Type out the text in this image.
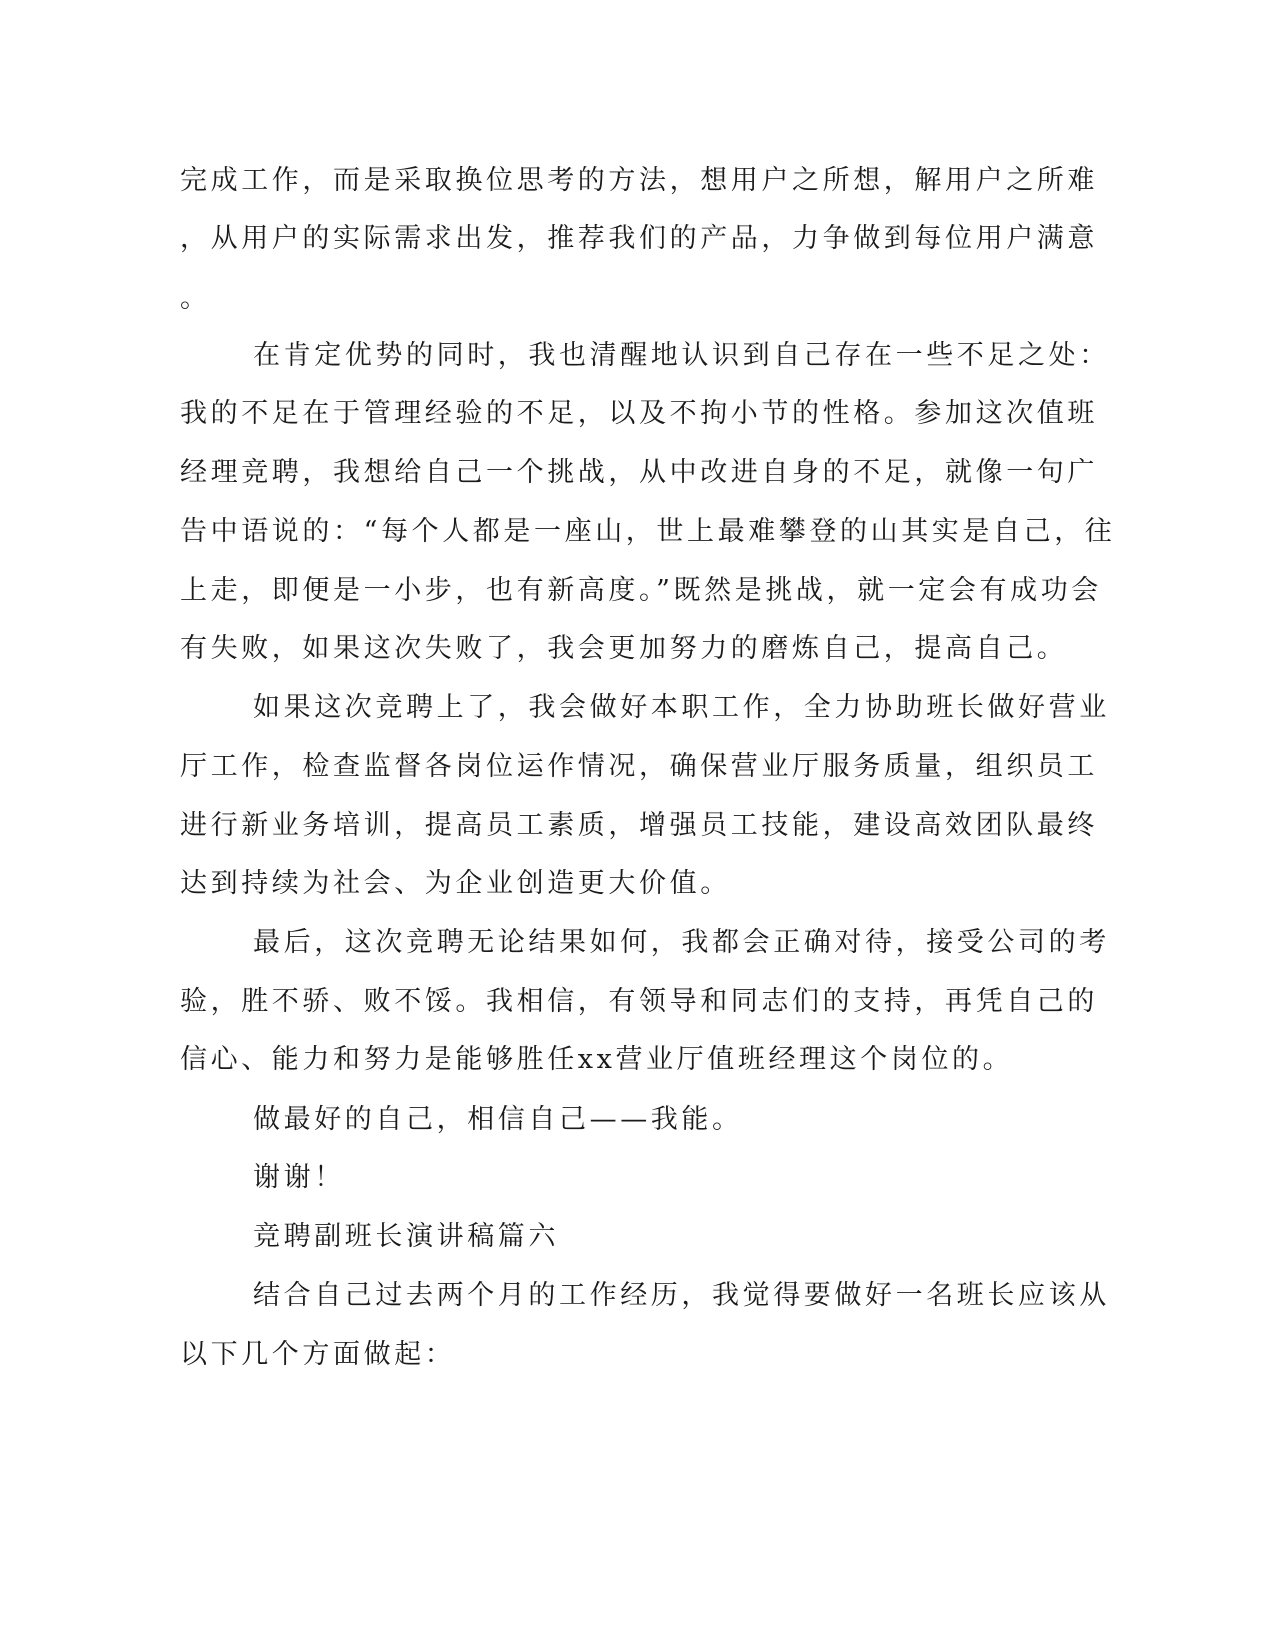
完成工作，而是采取换位思考的方法，想用户之所想，解用户之所难

，从用户的实际需求出发，推荐我们的产品，力争做到每位用户满意

。

在肯定优势的同时，我也清醒地认识到自己存在一些不足之处：

我的不足在于管理经验的不足，以及不拘小节的性格。参加这次值班

经理竞聘，我想给自己一个挑战，从中改进自身的不足，就像一句广

告中语说的：“每个人都是一座山，世上最难攀登的山其实是自己，往

上走，即便是一小步，也有新高度。”既然是挑战，就一定会有成功会

有失败，如果这次失败了，我会更加努力的磨炼自己，提高自己。

如果这次竞聘上了，我会做好本职工作，全力协助班长做好营业

厅工作，检查监督各岗位运作情况，确保营业厅服务质量，组织员工

进行新业务培训，提高员工素质，增强员工技能，建设高效团队最终

达到持续为社会、为企业创造更大价值。

最后，这次竞聘无论结果如何，我都会正确对待，接受公司的考

验，胜不骄、败不馁。我相信，有领导和同志们的支持，再凭自己的

信心、能力和努力是能够胜任xx营业厅值班经理这个岗位的。

做最好的自己，相信自己——我能。

谢谢！

竞聘副班长演讲稿篇六

结合自己过去两个月的工作经历，我觉得要做好一名班长应该从

以下几个方面做起：
